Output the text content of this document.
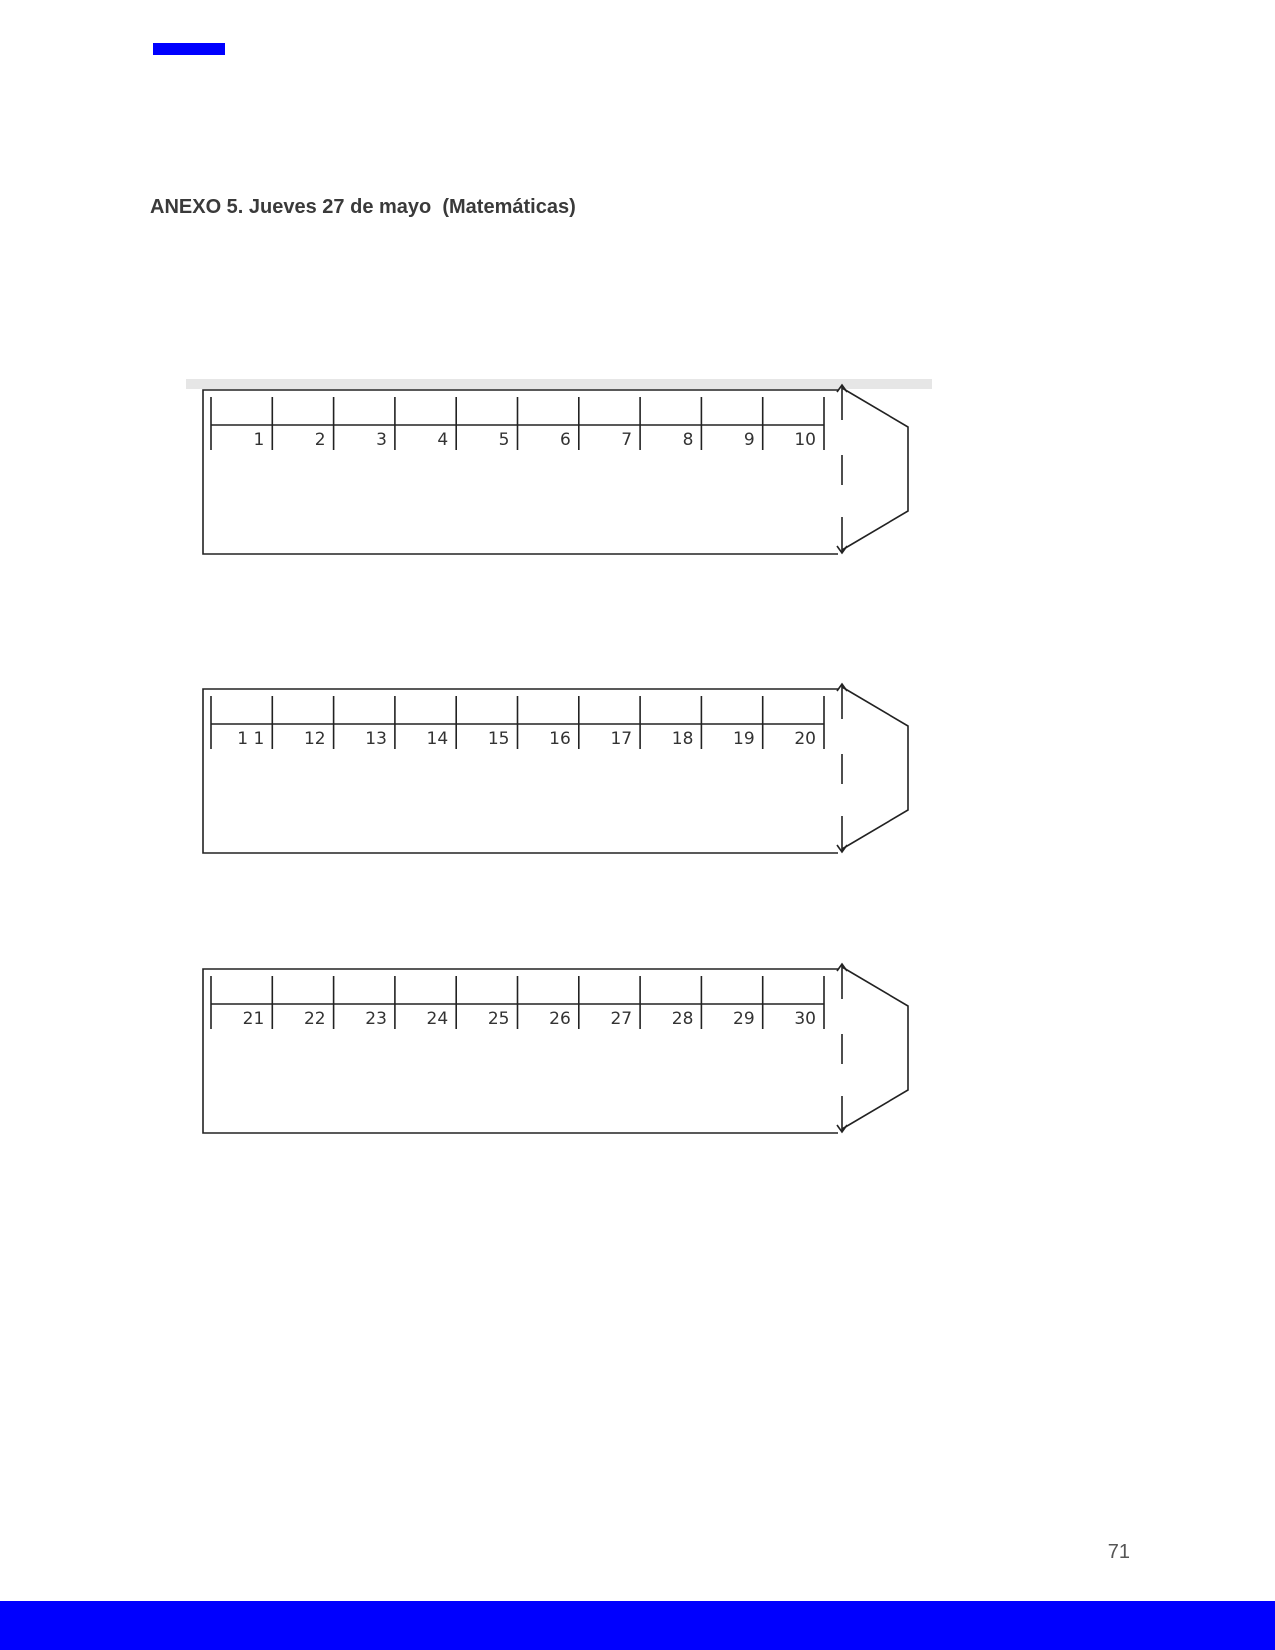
ANEXO 5. Jueves 27 de mayo  (Matemáticas)
1	2	3	4	5	6	7	8	9 10
1 1 12 13 14 15 16 17 18 19 20
21 22 23 24 25 26 27 28 29 30
71
